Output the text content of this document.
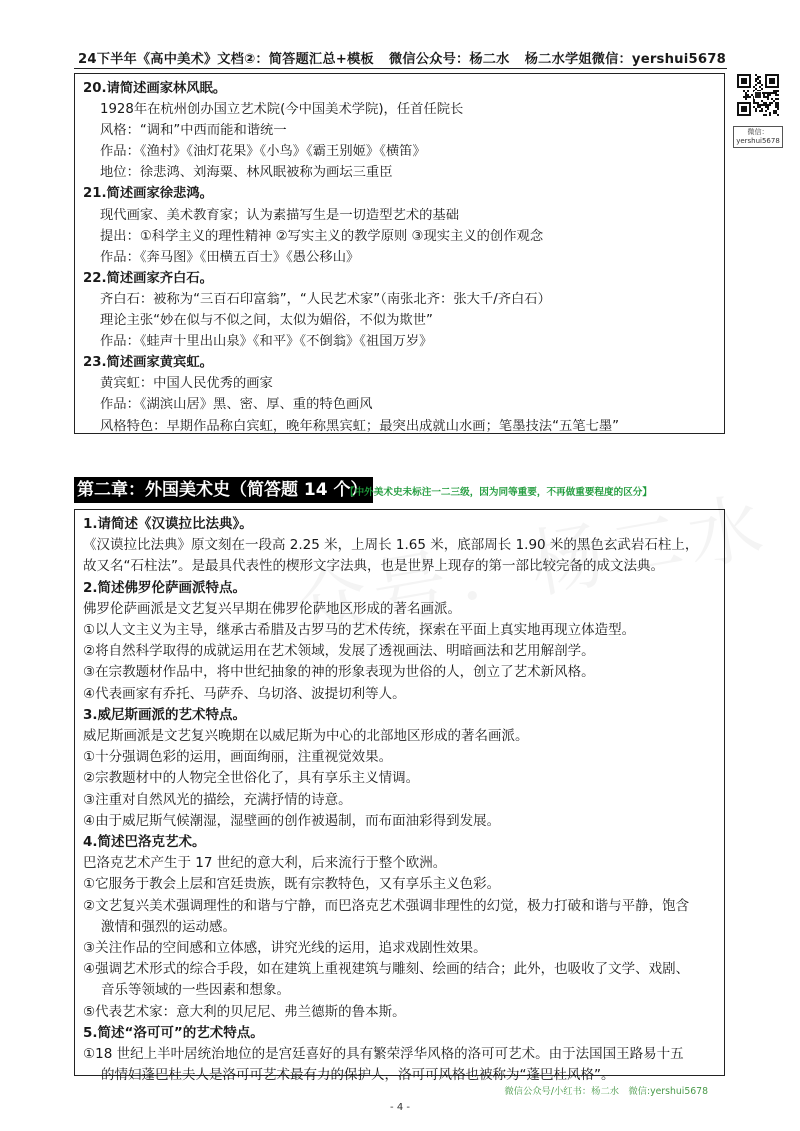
24下半年《高中美术》文档②：简答题汇总+模板 微信公众号：杨二水 杨二水学姐微信：yershui5678
微信：yershui5678
20.请简述画家林风眠。
1928年在杭州创办国立艺术院(今中国美术学院)，任首任院长
风格：“调和”中西而能和谐统一
作品：《渔村》《油灯花果》《小鸟》《霸王别姬》《横笛》
地位：徐悲鸿、刘海粟、林风眠被称为画坛三重臣
21.简述画家徐悲鸿。
现代画家、美术教育家；认为素描写生是一切造型艺术的基础
提出：①科学主义的理性精神 ②写实主义的教学原则 ③现实主义的创作观念
作品：《奔马图》《田横五百士》《愚公移山》
22.简述画家齐白石。
齐白石：被称为“三百石印富翁”，“人民艺术家”（南张北齐：张大千/齐白石）
理论主张“妙在似与不似之间，太似为媚俗，不似为欺世”
作品：《蛙声十里出山泉》《和平》《不倒翁》《祖国万岁》
23.简述画家黄宾虹。
黄宾虹：中国人民优秀的画家
作品：《湖滨山居》黑、密、厚、重的特色画风
风格特色：早期作品称白宾虹，晚年称黑宾虹；最突出成就山水画；笔墨技法“五笔七墨”
第二章：外国美术史（简答题 14 个）
【中外美术史未标注一二三级，因为同等重要，不再做重要程度的区分】
1.请简述《汉谟拉比法典》。
《汉谟拉比法典》原文刻在一段高 2.25 米，上周长 1.65 米，底部周长 1.90 米的黑色玄武岩石柱上，
故又名“石柱法”。是最具代表性的楔形文字法典，也是世界上现存的第一部比较完备的成文法典。
2.简述佛罗伦萨画派特点。
佛罗伦萨画派是文艺复兴早期在佛罗伦萨地区形成的著名画派。
①以人文主义为主导，继承古希腊及古罗马的艺术传统，探索在平面上真实地再现立体造型。
②将自然科学取得的成就运用在艺术领域，发展了透视画法、明暗画法和艺用解剖学。
③在宗教题材作品中，将中世纪抽象的神的形象表现为世俗的人，创立了艺术新风格。
④代表画家有乔托、马萨乔、乌切洛、波提切利等人。
3.威尼斯画派的艺术特点。
威尼斯画派是文艺复兴晚期在以威尼斯为中心的北部地区形成的著名画派。
①十分强调色彩的运用，画面绚丽，注重视觉效果。
②宗教题材中的人物完全世俗化了，具有享乐主义情调。
③注重对自然风光的描绘，充满抒情的诗意。
④由于威尼斯气候潮湿，湿壁画的创作被遏制，而布面油彩得到发展。
4.简述巴洛克艺术。
巴洛克艺术产生于 17 世纪的意大利，后来流行于整个欧洲。
①它服务于教会上层和宫廷贵族，既有宗教特色，又有享乐主义色彩。
②文艺复兴美术强调理性的和谐与宁静，而巴洛克艺术强调非理性的幻觉，极力打破和谐与平静，饱含
激情和强烈的运动感。
③关注作品的空间感和立体感，讲究光线的运用，追求戏剧性效果。
④强调艺术形式的综合手段，如在建筑上重视建筑与雕刻、绘画的结合；此外，也吸收了文学、戏剧、
音乐等领域的一些因素和想象。
⑤代表艺术家：意大利的贝尼尼、弗兰德斯的鲁本斯。
5.简述“洛可可”的艺术特点。
①18 世纪上半叶居统治地位的是宫廷喜好的具有繁荣浮华风格的洛可可艺术。由于法国国王路易十五
的情妇蓬巴杜夫人是洛可可艺术最有力的保护人，洛可可风格也被称为“蓬巴杜风格”。
微信公众号/小红书：杨二水　微信:yershui5678
- 4 -
